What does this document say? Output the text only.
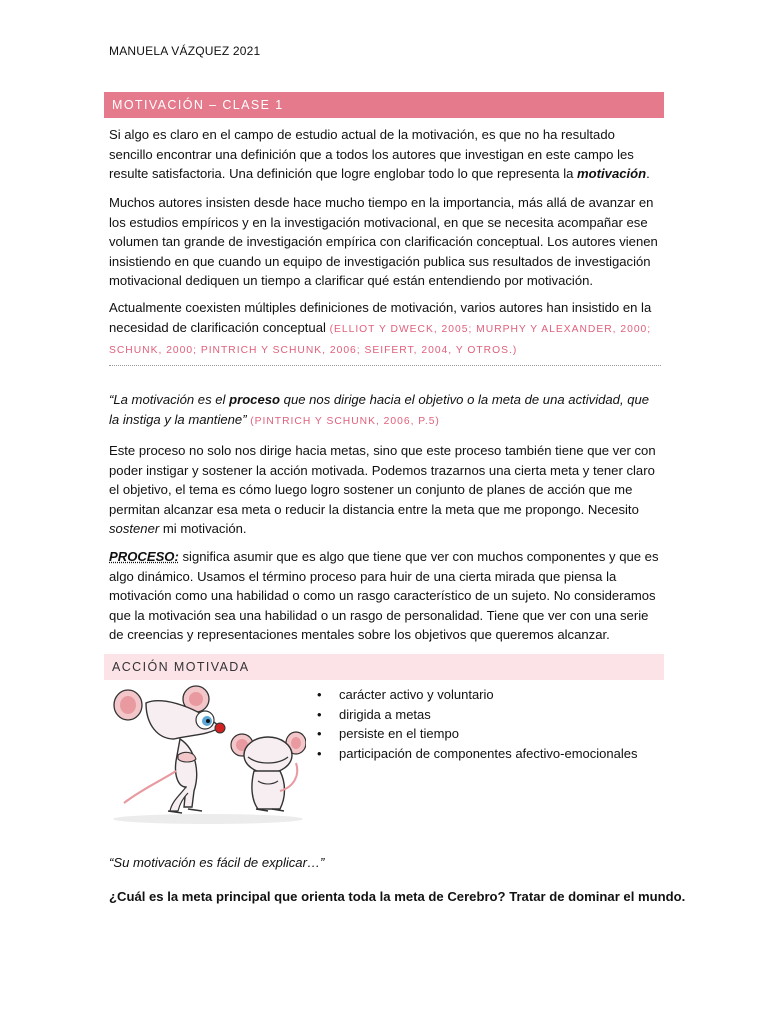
MANUELA VÁZQUEZ 2021
MOTIVACIÓN – CLASE 1
Si algo es claro en el campo de estudio actual de la motivación, es que no ha resultado sencillo encontrar una definición que a todos los autores que investigan en este campo les resulte satisfactoria. Una definición que logre englobar todo lo que representa la motivación.
Muchos autores insisten desde hace mucho tiempo en la importancia, más allá de avanzar en los estudios empíricos y en la investigación motivacional, en que se necesita acompañar ese volumen tan grande de investigación empírica con clarificación conceptual. Los autores vienen insistiendo en que cuando un equipo de investigación publica sus resultados de investigación motivacional dediquen un tiempo a clarificar qué están entendiendo por motivación.
Actualmente coexisten múltiples definiciones de motivación, varios autores han insistido en la necesidad de clarificación conceptual (ELLIOT Y DWECK, 2005; MURPHY Y ALEXANDER, 2000; SCHUNK, 2000; PINTRICH Y SCHUNK, 2006; SEIFERT, 2004, Y OTROS.)
“La motivación es el proceso que nos dirige hacia el objetivo o la meta de una actividad, que la instiga y la mantiene” (PINTRICH Y SCHUNK, 2006, P.5)
Este proceso no solo nos dirige hacia metas, sino que este proceso también tiene que ver con poder instigar y sostener la acción motivada. Podemos trazarnos una cierta meta y tener claro el objetivo, el tema es cómo luego logro sostener un conjunto de planes de acción que me permitan alcanzar esa meta o reducir la distancia entre la meta que me propongo. Necesito sostener mi motivación.
PROCESO: significa asumir que es algo que tiene que ver con muchos componentes y que es algo dinámico. Usamos el término proceso para huir de una cierta mirada que piensa la motivación como una habilidad o como un rasgo característico de un sujeto. No consideramos que la motivación sea una habilidad o un rasgo de personalidad. Tiene que ver con una serie de creencias y representaciones mentales sobre los objetivos que queremos alcanzar.
ACCIÓN MOTIVADA
• carácter activo y voluntario
• dirigida a metas
• persiste en el tiempo
• participación de componentes afectivo-emocionales
“Su motivación es fácil de explicar…”
¿Cuál es la meta principal que orienta toda la meta de Cerebro? Tratar de dominar el mundo.
